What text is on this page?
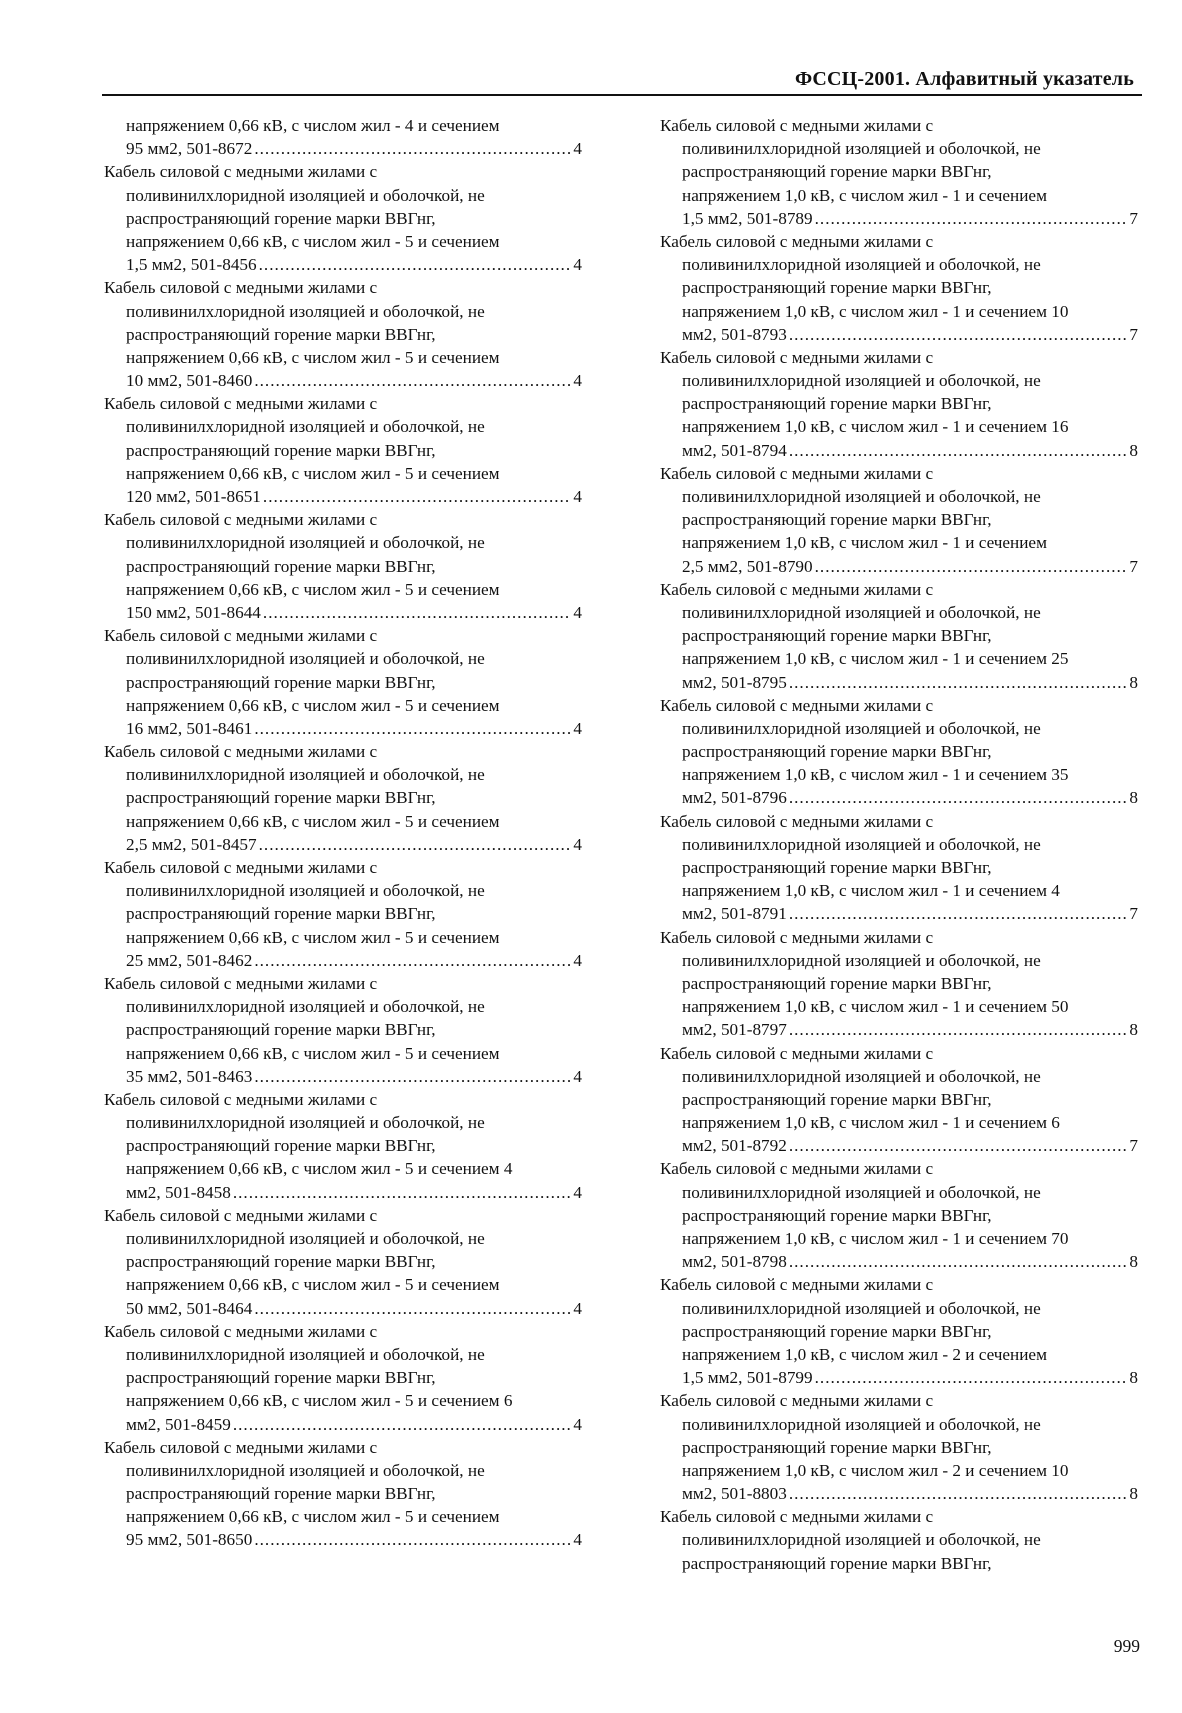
ФССЦ-2001. Алфавитный указатель
напряжением 0,66 кВ, с числом жил - 4 и сечением
95 мм2, 501-8672 .....	4
Кабель силовой с медными жилами с
поливинилхлоридной изоляцией и оболочкой, не
распространяющий горение марки ВВГнг,
напряжением 0,66 кВ, с числом жил - 5 и сечением
1,5 мм2, 501-8456 .....	4
Кабель силовой с медными жилами с
поливинилхлоридной изоляцией и оболочкой, не
распространяющий горение марки ВВГнг,
напряжением 0,66 кВ, с числом жил - 5 и сечением
10 мм2, 501-8460 .....	4
Кабель силовой с медными жилами с
поливинилхлоридной изоляцией и оболочкой, не
распространяющий горение марки ВВГнг,
напряжением 0,66 кВ, с числом жил - 5 и сечением
120 мм2, 501-8651 .....	4
Кабель силовой с медными жилами с
поливинилхлоридной изоляцией и оболочкой, не
распространяющий горение марки ВВГнг,
напряжением 0,66 кВ, с числом жил - 5 и сечением
150 мм2, 501-8644 .....	4
Кабель силовой с медными жилами с
поливинилхлоридной изоляцией и оболочкой, не
распространяющий горение марки ВВГнг,
напряжением 0,66 кВ, с числом жил - 5 и сечением
16 мм2, 501-8461 .....	4
Кабель силовой с медными жилами с
поливинилхлоридной изоляцией и оболочкой, не
распространяющий горение марки ВВГнг,
напряжением 0,66 кВ, с числом жил - 5 и сечением
2,5 мм2, 501-8457 .....	4
Кабель силовой с медными жилами с
поливинилхлоридной изоляцией и оболочкой, не
распространяющий горение марки ВВГнг,
напряжением 0,66 кВ, с числом жил - 5 и сечением
25 мм2, 501-8462 .....	4
Кабель силовой с медными жилами с
поливинилхлоридной изоляцией и оболочкой, не
распространяющий горение марки ВВГнг,
напряжением 0,66 кВ, с числом жил - 5 и сечением
35 мм2, 501-8463 .....	4
Кабель силовой с медными жилами с
поливинилхлоридной изоляцией и оболочкой, не
распространяющий горение марки ВВГнг,
напряжением 0,66 кВ, с числом жил - 5 и сечением 4
мм2, 501-8458 .....	4
Кабель силовой с медными жилами с
поливинилхлоридной изоляцией и оболочкой, не
распространяющий горение марки ВВГнг,
напряжением 0,66 кВ, с числом жил - 5 и сечением
50 мм2, 501-8464 .....	4
Кабель силовой с медными жилами с
поливинилхлоридной изоляцией и оболочкой, не
распространяющий горение марки ВВГнг,
напряжением 0,66 кВ, с числом жил - 5 и сечением 6
мм2, 501-8459 .....	4
Кабель силовой с медными жилами с
поливинилхлоридной изоляцией и оболочкой, не
распространяющий горение марки ВВГнг,
напряжением 0,66 кВ, с числом жил - 5 и сечением
95 мм2, 501-8650 .....	4
Кабель силовой с медными жилами с
поливинилхлоридной изоляцией и оболочкой, не
распространяющий горение марки ВВГнг,
напряжением 1,0 кВ, с числом жил - 1 и сечением
1,5 мм2, 501-8789 .....	7
Кабель силовой с медными жилами с
поливинилхлоридной изоляцией и оболочкой, не
распространяющий горение марки ВВГнг,
напряжением 1,0 кВ, с числом жил - 1 и сечением 10
мм2, 501-8793 .....	7
Кабель силовой с медными жилами с
поливинилхлоридной изоляцией и оболочкой, не
распространяющий горение марки ВВГнг,
напряжением 1,0 кВ, с числом жил - 1 и сечением 16
мм2, 501-8794 .....	8
Кабель силовой с медными жилами с
поливинилхлоридной изоляцией и оболочкой, не
распространяющий горение марки ВВГнг,
напряжением 1,0 кВ, с числом жил - 1 и сечением
2,5 мм2, 501-8790 .....	7
Кабель силовой с медными жилами с
поливинилхлоридной изоляцией и оболочкой, не
распространяющий горение марки ВВГнг,
напряжением 1,0 кВ, с числом жил - 1 и сечением 25
мм2, 501-8795 .....	8
Кабель силовой с медными жилами с
поливинилхлоридной изоляцией и оболочкой, не
распространяющий горение марки ВВГнг,
напряжением 1,0 кВ, с числом жил - 1 и сечением 35
мм2, 501-8796 .....	8
Кабель силовой с медными жилами с
поливинилхлоридной изоляцией и оболочкой, не
распространяющий горение марки ВВГнг,
напряжением 1,0 кВ, с числом жил - 1 и сечением 4
мм2, 501-8791 .....	7
Кабель силовой с медными жилами с
поливинилхлоридной изоляцией и оболочкой, не
распространяющий горение марки ВВГнг,
напряжением 1,0 кВ, с числом жил - 1 и сечением 50
мм2, 501-8797 .....	8
Кабель силовой с медными жилами с
поливинилхлоридной изоляцией и оболочкой, не
распространяющий горение марки ВВГнг,
напряжением 1,0 кВ, с числом жил - 1 и сечением 6
мм2, 501-8792 .....	7
Кабель силовой с медными жилами с
поливинилхлоридной изоляцией и оболочкой, не
распространяющий горение марки ВВГнг,
напряжением 1,0 кВ, с числом жил - 1 и сечением 70
мм2, 501-8798 .....	8
Кабель силовой с медными жилами с
поливинилхлоридной изоляцией и оболочкой, не
распространяющий горение марки ВВГнг,
напряжением 1,0 кВ, с числом жил - 2 и сечением
1,5 мм2, 501-8799 .....	8
Кабель силовой с медными жилами с
поливинилхлоридной изоляцией и оболочкой, не
распространяющий горение марки ВВГнг,
напряжением 1,0 кВ, с числом жил - 2 и сечением 10
мм2, 501-8803 .....	8
Кабель силовой с медными жилами с
поливинилхлоридной изоляцией и оболочкой, не
распространяющий горение марки ВВГнг,
999
